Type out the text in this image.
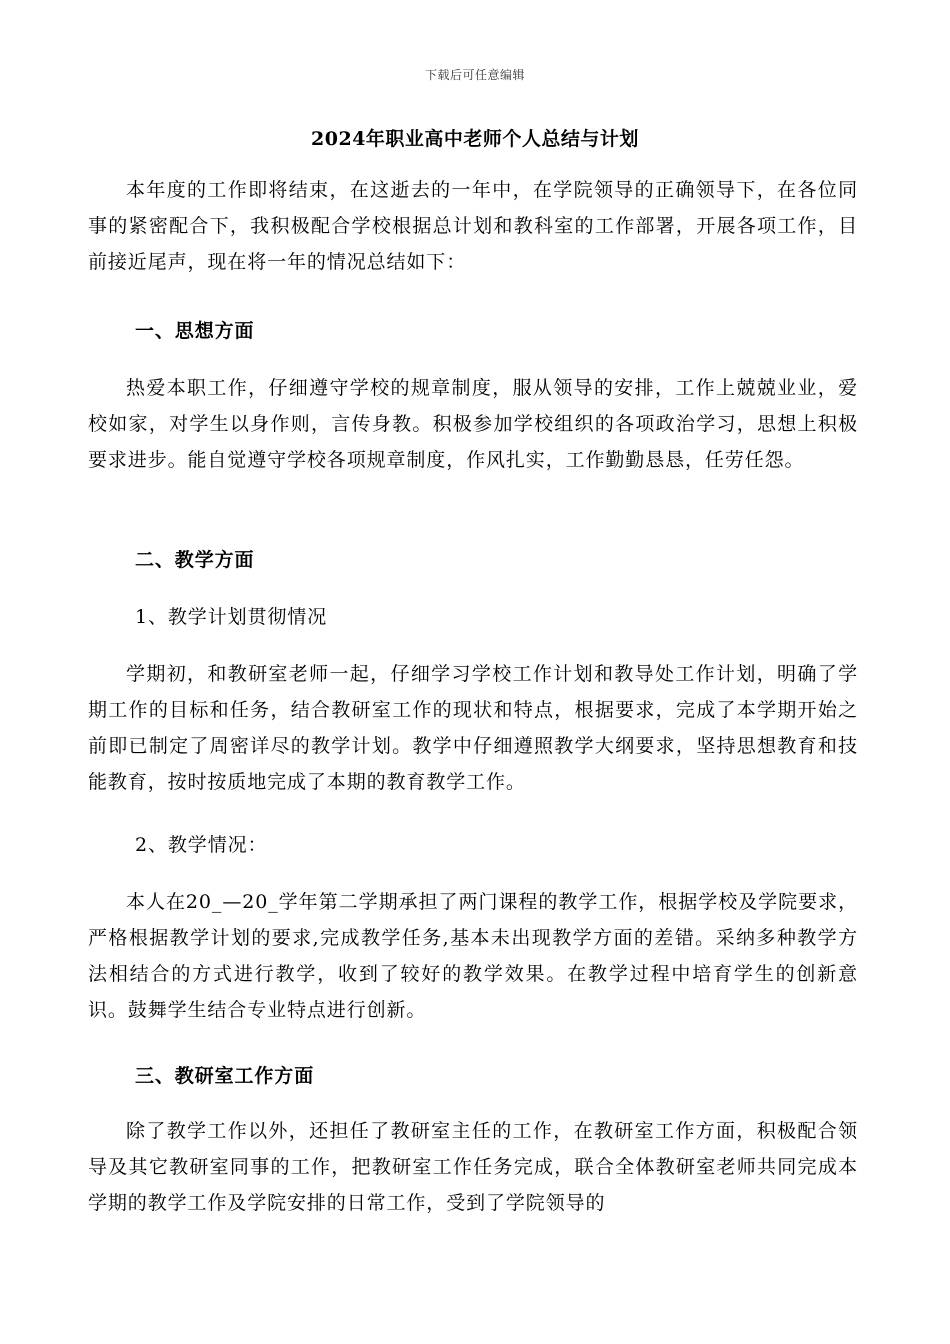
下载后可任意编辑
2024年职业高中老师个人总结与计划

本年度的工作即将结束，在这逝去的一年中，在学院领导的正确领导下，在各位同事的紧密配合下，我积极配合学校根据总计划和教科室的工作部署，开展各项工作，目前接近尾声，现在将一年的情况总结如下：

一、思想方面

热爱本职工作，仔细遵守学校的规章制度，服从领导的安排，工作上兢兢业业，爱校如家，对学生以身作则，言传身教。积极参加学校组织的各项政治学习，思想上积极要求进步。能自觉遵守学校各项规章制度，作风扎实，工作勤勤恳恳，任劳任怨。

二、教学方面
1、教学计划贯彻情况

学期初，和教研室老师一起，仔细学习学校工作计划和教导处工作计划，明确了学期工作的目标和任务，结合教研室工作的现状和特点，根据要求，完成了本学期开始之前即已制定了周密详尽的教学计划。教学中仔细遵照教学大纲要求，坚持思想教育和技能教育，按时按质地完成了本期的教育教学工作。

2、教学情况：

本人在20_—20_学年第二学期承担了两门课程的教学工作，根据学校及学院要求，严格根据教学计划的要求,完成教学任务,基本未出现教学方面的差错。采纳多种教学方法相结合的方式进行教学，收到了较好的教学效果。在教学过程中培育学生的创新意识。鼓舞学生结合专业特点进行创新。

三、教研室工作方面

除了教学工作以外，还担任了教研室主任的工作，在教研室工作方面，积极配合领导及其它教研室同事的工作，把教研室工作任务完成，联合全体教研室老师共同完成本学期的教学工作及学院安排的日常工作，受到了学院领导的
